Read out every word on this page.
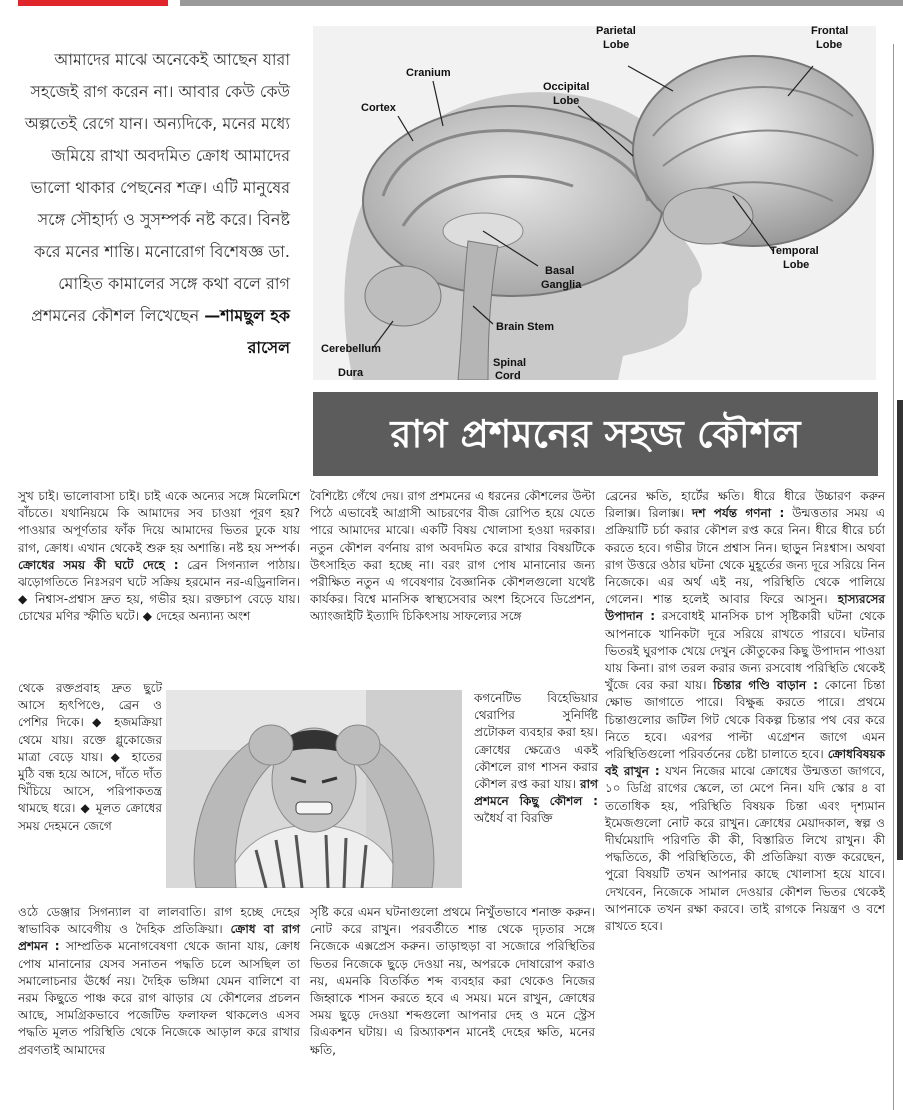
আমাদের মাঝে অনেকেই আছেন যারা সহজেই রাগ করেন না। আবার কেউ কেউ অল্পতেই রেগে যান। অন্যদিকে, মনের মধ্যে জমিয়ে রাখা অবদমিত ক্রোধ আমাদের ভালো থাকার পেছনের শত্রু। এটি মানুষের সঙ্গে সৌহার্দ্য ও সুসম্পর্ক নষ্ট করে। বিনষ্ট করে মনের শান্তি। মনোরোগ বিশেষজ্ঞ ডা. মোহিত কামালের সঙ্গে কথা বলে রাগ প্রশমনের কৌশল লিখেছেন —শামছুল হক রাসেল
Parietal
Lobe
Frontal
Lobe
Cranium
Occipital
Lobe
Cortex
Temporal
Lobe
Basal
Ganglia
Brain Stem
Cerebellum
Dura
Spinal
Cord
রাগ প্রশমনের সহজ কৌশল

সুখ চাই। ভালোবাসা চাই। চাই একে অন্যের সঙ্গে মিলেমিশে বাঁচতে। যথানিয়মে কি আমাদের সব চাওয়া পূরণ হয়? পাওয়ার অপূর্ণতার ফাঁক দিয়ে আমাদের ভিতর ঢুকে যায় রাগ, ক্রোধ। এখান থেকেই শুরু হয় অশান্তি। নষ্ট হয় সম্পর্ক। ক্রোধের সময় কী ঘটে দেহে : ব্রেন সিগন্যাল পাঠায়। ঝড়োগতিতে নিঃসরণ ঘটে সক্রিয় হরমোন নর-এড্রিনালিন। ◆ নিশ্বাস-প্রশ্বাস দ্রুত হয়, গভীর হয়। রক্তচাপ বেড়ে যায়। চোখের মণির স্ফীতি ঘটে। ◆ দেহের অন্যান্য অংশ

থেকে রক্তপ্রবাহ দ্রুত ছুটে আসে হৃৎপিণ্ডে, ব্রেন ও পেশির দিকে। ◆ হজমক্রিয়া থেমে যায়। রক্তে গ্লুকোজের মাত্রা বেড়ে যায়। ◆ হাতের মুঠি বন্ধ হয়ে আসে, দাঁতে দাঁত খিঁচিয়ে আসে, পরিপাকতন্ত্র থামছে ধরে। ◆ মূলত ক্রোধের সময় দেহমনে জেগে

ওঠে ডেঞ্জার সিগন্যাল বা লালবাতি। রাগ হচ্ছে দেহের স্বাভাবিক আবেগীয় ও দৈহিক প্রতিক্রিয়া। ক্রোধ বা রাগ প্রশমন : সাম্প্রতিক মনোগবেষণা থেকে জানা যায়, ক্রোধ পোষ মানানোর যেসব সনাতন পদ্ধতি চলে আসছিল তা সমালোচনার ঊর্ধ্বে নয়। দৈহিক ভঙ্গিমা যেমন বালিশে বা নরম কিছুতে পাঞ্চ করে রাগ ঝাড়ার যে কৌশলের প্রচলন আছে, সামগ্রিকভাবে পজেটিভ ফলাফল থাকলেও এসব পদ্ধতি মূলত পরিস্থিতি থেকে নিজেকে আড়াল করে রাখার প্রবণতাই আমাদের

বৈশিষ্ট্যে গেঁথে দেয়। রাগ প্রশমনের এ ধরনের কৌশলের উল্টা পিঠে এভাবেই আগ্রাসী আচরণের বীজ রোপিত হয়ে যেতে পারে আমাদের মাঝে। একটি বিষয় খোলাসা হওয়া দরকার। নতুন কৌশল বর্ণনায় রাগ অবদমিত করে রাখার বিষয়টিকে উৎসাহিত করা হচ্ছে না। বরং রাগ পোষ মানানোর জন্য পরীক্ষিত নতুন এ গবেষণার বৈজ্ঞানিক কৌশলগুলো যথেষ্ট কার্যকর। বিশ্বে মানসিক স্বাস্থ্যসেবার অংশ হিসেবে ডিপ্রেশন, অ্যাংজাইটি ইত্যাদি চিকিৎসায় সাফল্যের সঙ্গে

কগনেটিভ বিহেভিয়ার থেরাপির সুনির্দিষ্ট প্রটোকল ব্যবহার করা হয়। ক্রোধের ক্ষেত্রেও একই কৌশলে রাগ শাসন করার কৌশল রপ্ত করা যায়। রাগ প্রশমনে কিছু কৌশল : অধৈর্য বা বিরক্তি

সৃষ্টি করে এমন ঘটনাগুলো প্রথমে নিখুঁতভাবে শনাক্ত করুন। নোট করে রাখুন। পরবর্তীতে শান্ত থেকে দৃঢ়তার সঙ্গে নিজেকে এক্সপ্রেস করুন। তাড়াহুড়া বা সজোরে পরিস্থিতির ভিতর নিজেকে ছুড়ে দেওয়া নয়, অপরকে দোষারোপ করাও নয়, এমনকি বিতর্কিত শব্দ ব্যবহার করা থেকেও নিজের জিহ্বাকে শাসন করতে হবে এ সময়। মনে রাখুন, ক্রোধের সময় ছুড়ে দেওয়া শব্দগুলো আপনার দেহ ও মনে স্ট্রেস রিএকশন ঘটায়। এ রিঅ্যাকশন মানেই দেহের ক্ষতি, মনের ক্ষতি,

ব্রেনের ক্ষতি, হার্টের ক্ষতি। ধীরে ধীরে উচ্চারণ করুন রিলাক্স। রিলাক্স। দশ পর্যন্ত গণনা : উন্মত্ততার সময় এ প্রক্রিয়াটি চর্চা করার কৌশল রপ্ত করে নিন। ধীরে ধীরে চর্চা করতে হবে। গভীর টানে প্রশ্বাস নিন। ছাড়ুন নিঃশ্বাস। অথবা রাগ উত্তরে ওঠার ঘটনা থেকে মুহূর্তের জন্য দূরে সরিয়ে নিন নিজেকে। এর অর্থ এই নয়, পরিস্থিতি থেকে পালিয়ে গেলেন। শান্ত হলেই আবার ফিরে আসুন। হাস্যরসের উপাদান : রসবোধই মানসিক চাপ সৃষ্টিকারী ঘটনা থেকে আপনাকে খানিকটা দূরে সরিয়ে রাখতে পারবে। ঘটনার ভিতরই ঘুরপাক খেয়ে দেখুন কৌতুকের কিছু উপাদান পাওয়া যায় কিনা। রাগ তরল করার জন্য রসবোধ পরিস্থিতি থেকেই খুঁজে বের করা যায়। চিন্তার গণ্ডি বাড়ান : কোনো চিন্তা ক্ষোভ জাগাতে পারে। বিক্ষুব্ধ করতে পারে। প্রথমে চিন্তাগুলোর জটিল গিট থেকে বিকল্প চিন্তার পথ বের করে নিতে হবে। এরপর পাল্টা এগ্রেশন জাগে এমন পরিস্থিতিগুলো পরিবর্তনের চেষ্টা চালাতে হবে। ক্রোধবিষয়ক বই রাখুন : যখন নিজের মাঝে ক্রোধের উন্মত্ততা জাগবে, ১০ ডিগ্রি রাগের স্কেলে, তা মেপে নিন। যদি স্কোর ৪ বা ততোধিক হয়, পরিস্থিতি বিষয়ক চিন্তা এবং দৃশ্যমান ইমেজগুলো নোট করে রাখুন। ক্রোধের মেয়াদকাল, স্বল্প ও দীর্ঘমেয়াদি পরিণতি কী কী, বিস্তারিত লিখে রাখুন। কী পদ্ধতিতে, কী পরিস্থিতিতে, কী প্রতিক্রিয়া ব্যক্ত করেছেন, পুরো বিষয়টি তখন আপনার কাছে খোলাসা হয়ে যাবে। দেখবেন, নিজেকে সামাল দেওয়ার কৌশল ভিতর থেকেই আপনাকে তখন রক্ষা করবে। তাই রাগকে নিয়ন্ত্রণ ও বশে রাখতে হবে।
